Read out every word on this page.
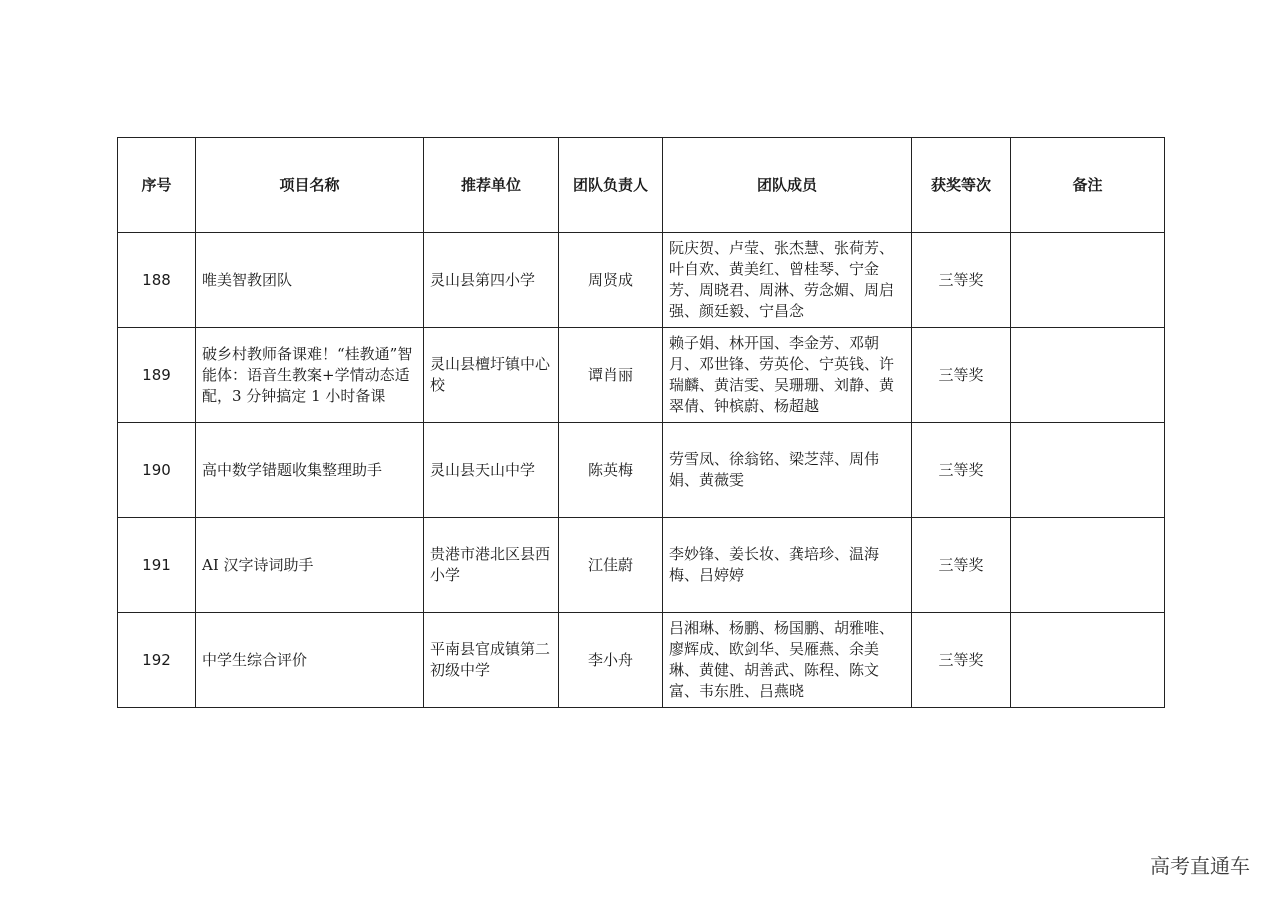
序号	项目名称	推荐单位	团队负责人	团队成员	获奖等次	备注
188	唯美智教团队	灵山县第四小学	周贤成	阮庆贺、卢莹、张杰慧、张荷芳、叶自欢、黄美红、曾桂琴、宁金芳、周晓君、周淋、劳念媚、周启强、颜廷毅、宁昌念	三等奖	
189	破乡村教师备课难！“桂教通”智能体：语音生教案+学情动态适配，3 分钟搞定 1 小时备课	灵山县檀圩镇中心校	谭肖丽	赖子娟、林开国、李金芳、邓朝月、邓世锋、劳英伦、宁英钱、许瑞麟、黄洁雯、吴珊珊、刘静、黄翠倩、钟槟蔚、杨超越	三等奖	
190	高中数学错题收集整理助手	灵山县天山中学	陈英梅	劳雪凤、徐翁铭、梁芝萍、周伟娟、黄薇雯	三等奖	
191	AI 汉字诗词助手	贵港市港北区县西小学	江佳蔚	李妙锋、姜长妆、龚培珍、温海梅、吕婷婷	三等奖	
192	中学生综合评价	平南县官成镇第二初级中学	李小舟	吕湘琳、杨鹏、杨国鹏、胡雅唯、廖辉成、欧剑华、吴雁燕、余美琳、黄健、胡善武、陈程、陈文富、韦东胜、吕燕晓	三等奖	
高考直通车
